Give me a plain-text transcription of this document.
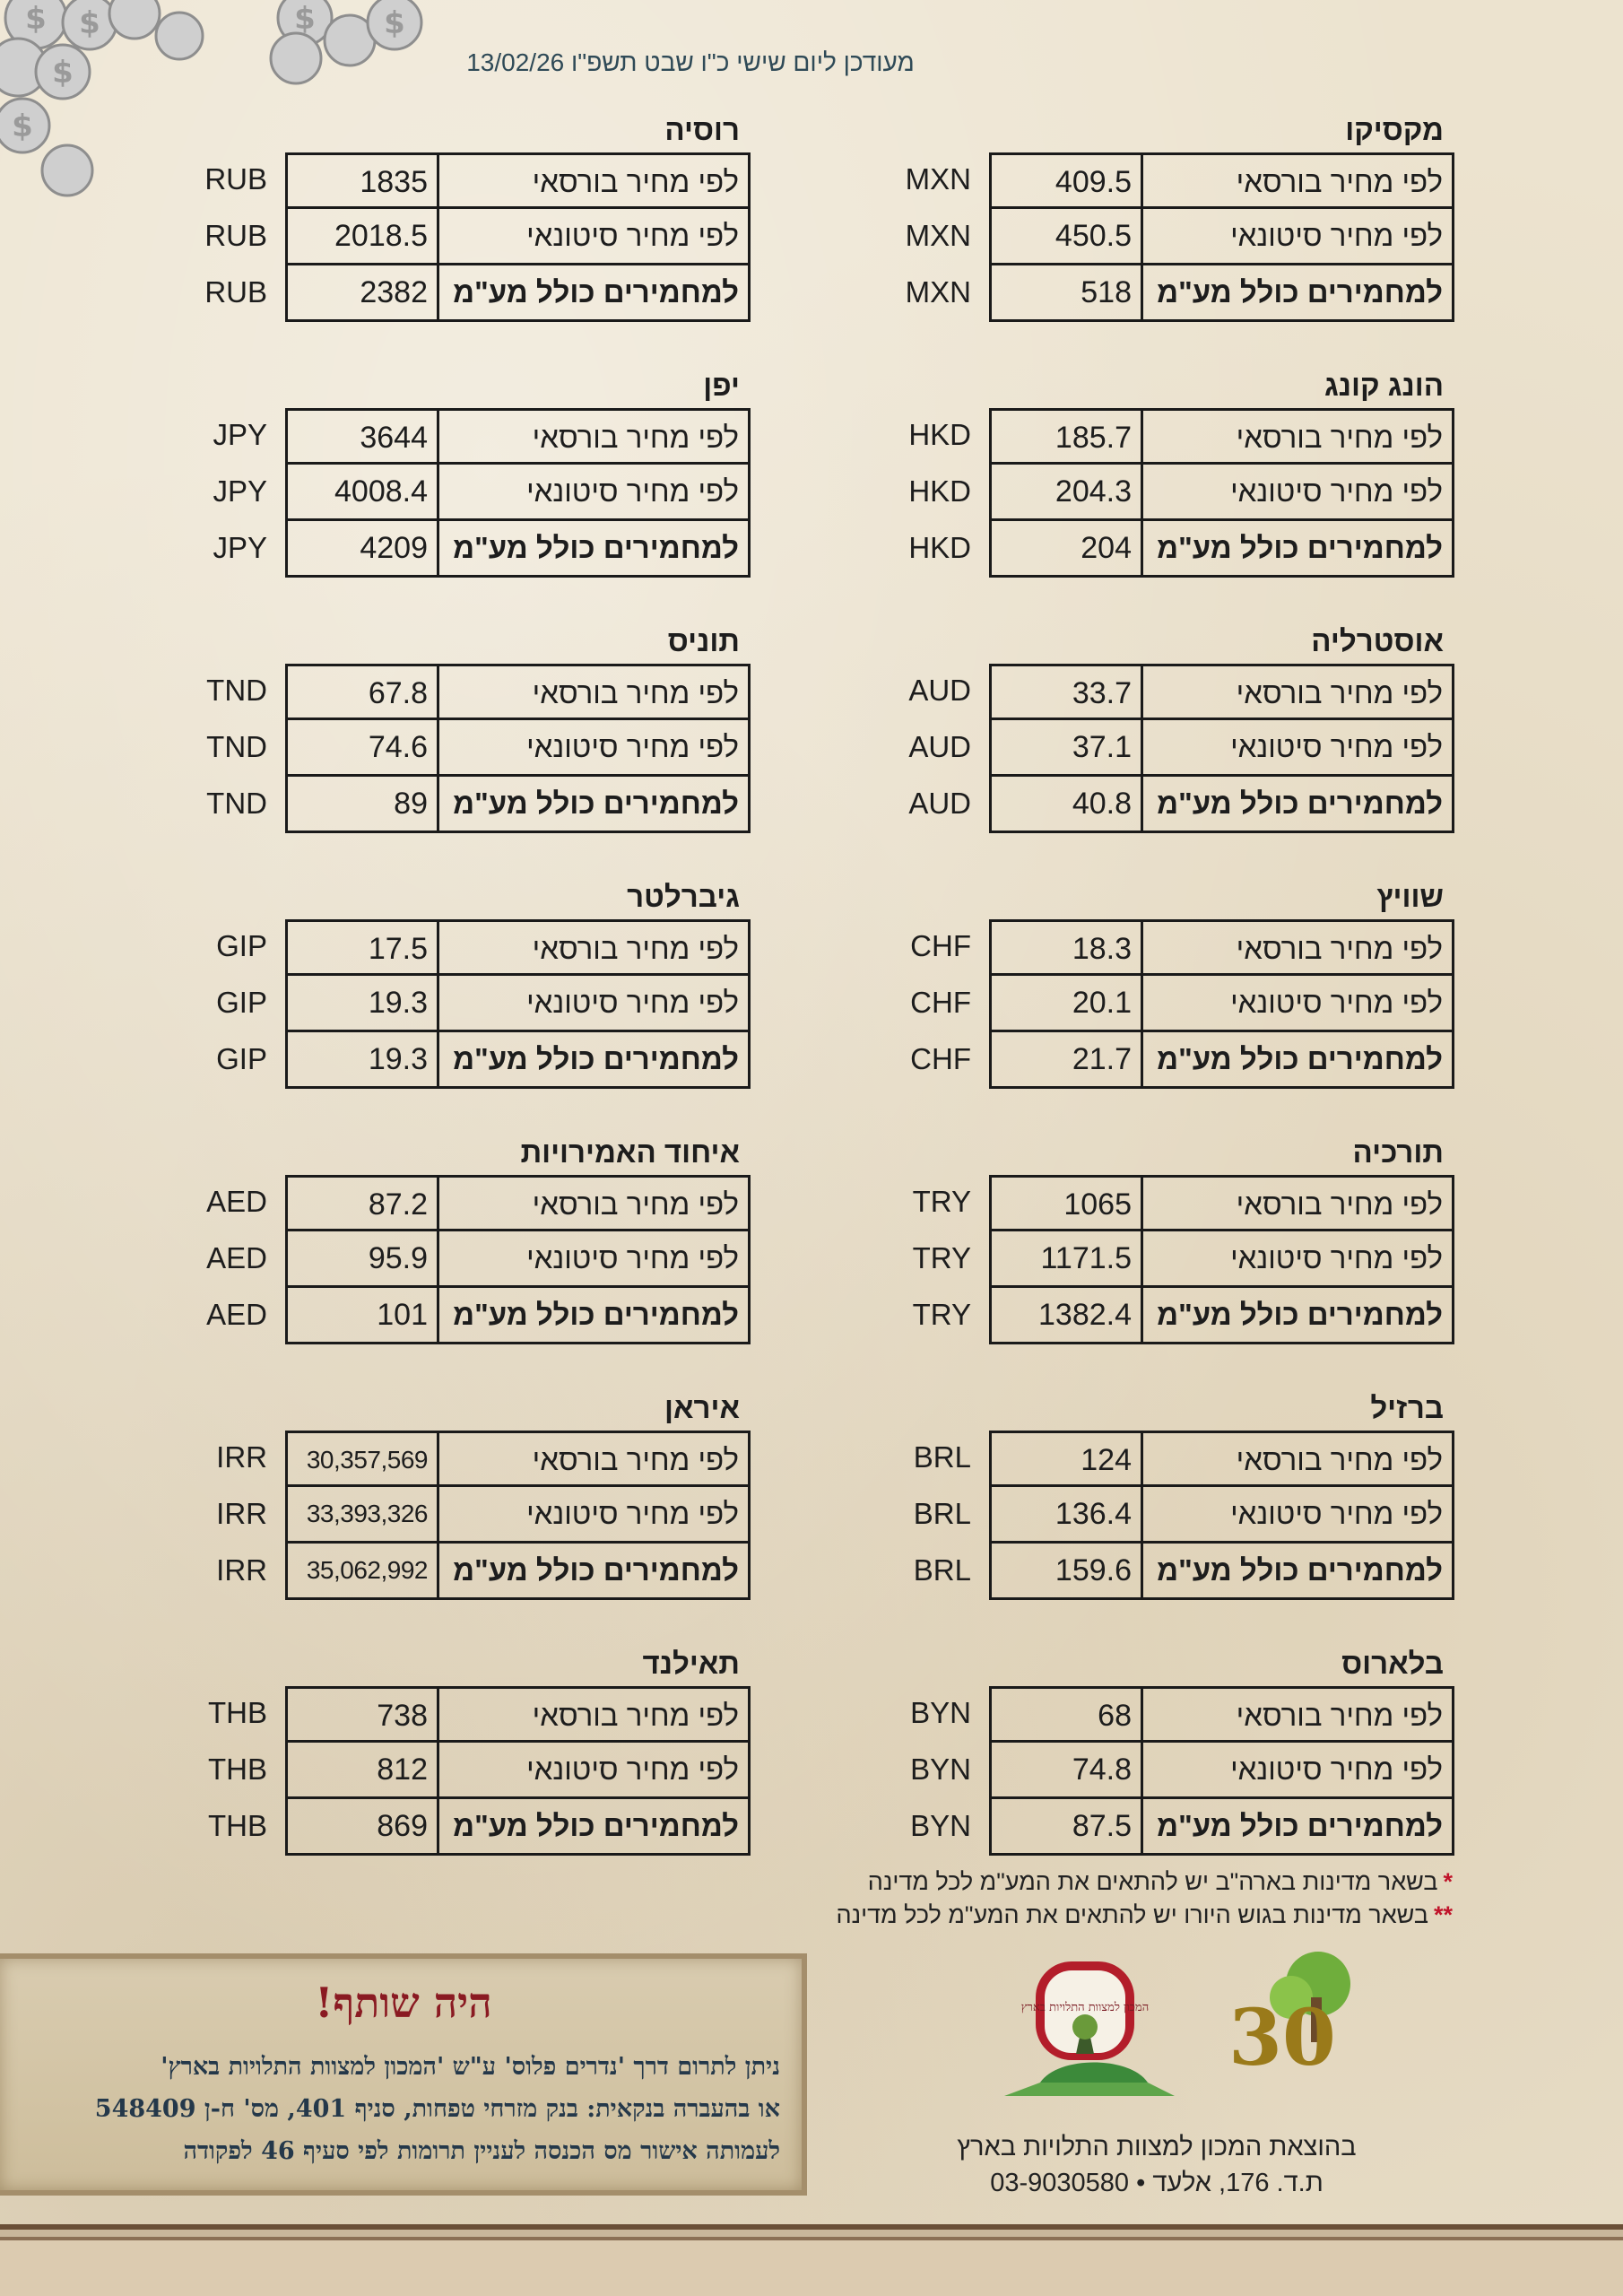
$ $
$
$
$ $
מעודכן ליום שישי כ"ו שבט תשפ"ו 13/02/26
מקסיקו
MXN	409.5	לפי מחיר בורסאי
MXN	450.5	לפי מחיר סיטונאי
MXN	518 למחמירים כולל מע"מ
רוסיה
RUB	1835	לפי מחיר בורסאי
RUB	2018.5	לפי מחיר סיטונאי
RUB	2382 למחמירים כולל מע"מ
הונג קונג
HKD	185.7	לפי מחיר בורסאי
HKD	204.3	לפי מחיר סיטונאי
HKD	204 למחמירים כולל מע"מ
יפן
JPY	3644	לפי מחיר בורסאי
JPY	4008.4	לפי מחיר סיטונאי
JPY	4209 למחמירים כולל מע"מ
אוסטרליה
AUD	33.7	לפי מחיר בורסאי
AUD	37.1	לפי מחיר סיטונאי
AUD	40.8 למחמירים כולל מע"מ
תוניס
TND	67.8	לפי מחיר בורסאי
TND	74.6	לפי מחיר סיטונאי
TND	89 למחמירים כולל מע"מ
שוויץ
CHF	18.3	לפי מחיר בורסאי
CHF	20.1	לפי מחיר סיטונאי
CHF	21.7 למחמירים כולל מע"מ
גיברלטר
GIP	17.5	לפי מחיר בורסאי
GIP	19.3	לפי מחיר סיטונאי
GIP	19.3 למחמירים כולל מע"מ
תורכיה
TRY	1065	לפי מחיר בורסאי
TRY	1171.5	לפי מחיר סיטונאי
TRY	1382.4 למחמירים כולל מע"מ
איחוד האמירויות
AED	87.2	לפי מחיר בורסאי
AED	95.9	לפי מחיר סיטונאי
AED	101 למחמירים כולל מע"מ
ברזיל
BRL	124	לפי מחיר בורסאי
BRL	136.4	לפי מחיר סיטונאי
BRL	159.6 למחמירים כולל מע"מ
איראן
IRR	30,357,569	לפי מחיר בורסאי
IRR	33,393,326	לפי מחיר סיטונאי
IRR	35,062,992 למחמירים כולל מע"מ
בלארוס
BYN	68	לפי מחיר בורסאי
BYN	74.8	לפי מחיר סיטונאי
BYN	87.5 למחמירים כולל מע"מ
תאילנד
THB	738	לפי מחיר בורסאי
THB	812	לפי מחיר סיטונאי
THB	869 למחמירים כולל מע"מ
*בשאר מדינות בארה"ב יש להתאים את המע"מ לכל מדינה
**בשאר מדינות בגוש היורו יש להתאים את המע"מ לכל מדינה
היה שותף!
ניתן לתרום דרך 'נדרים פלוס' ע"ש 'המכון למצוות התלויות בארץ'
או בהעברה בנקאית: בנק מזרחי טפחות, סניף 401, מס' ח-ן 548409
לעמותה אישור מס הכנסה לעניין תרומות לפי סעיף 46 לפקודה
המכון למצוות התלויות בארץ 30
בהוצאת המכון למצוות התלויות בארץ
ת.ד. 176, אלעד • 03-9030580
